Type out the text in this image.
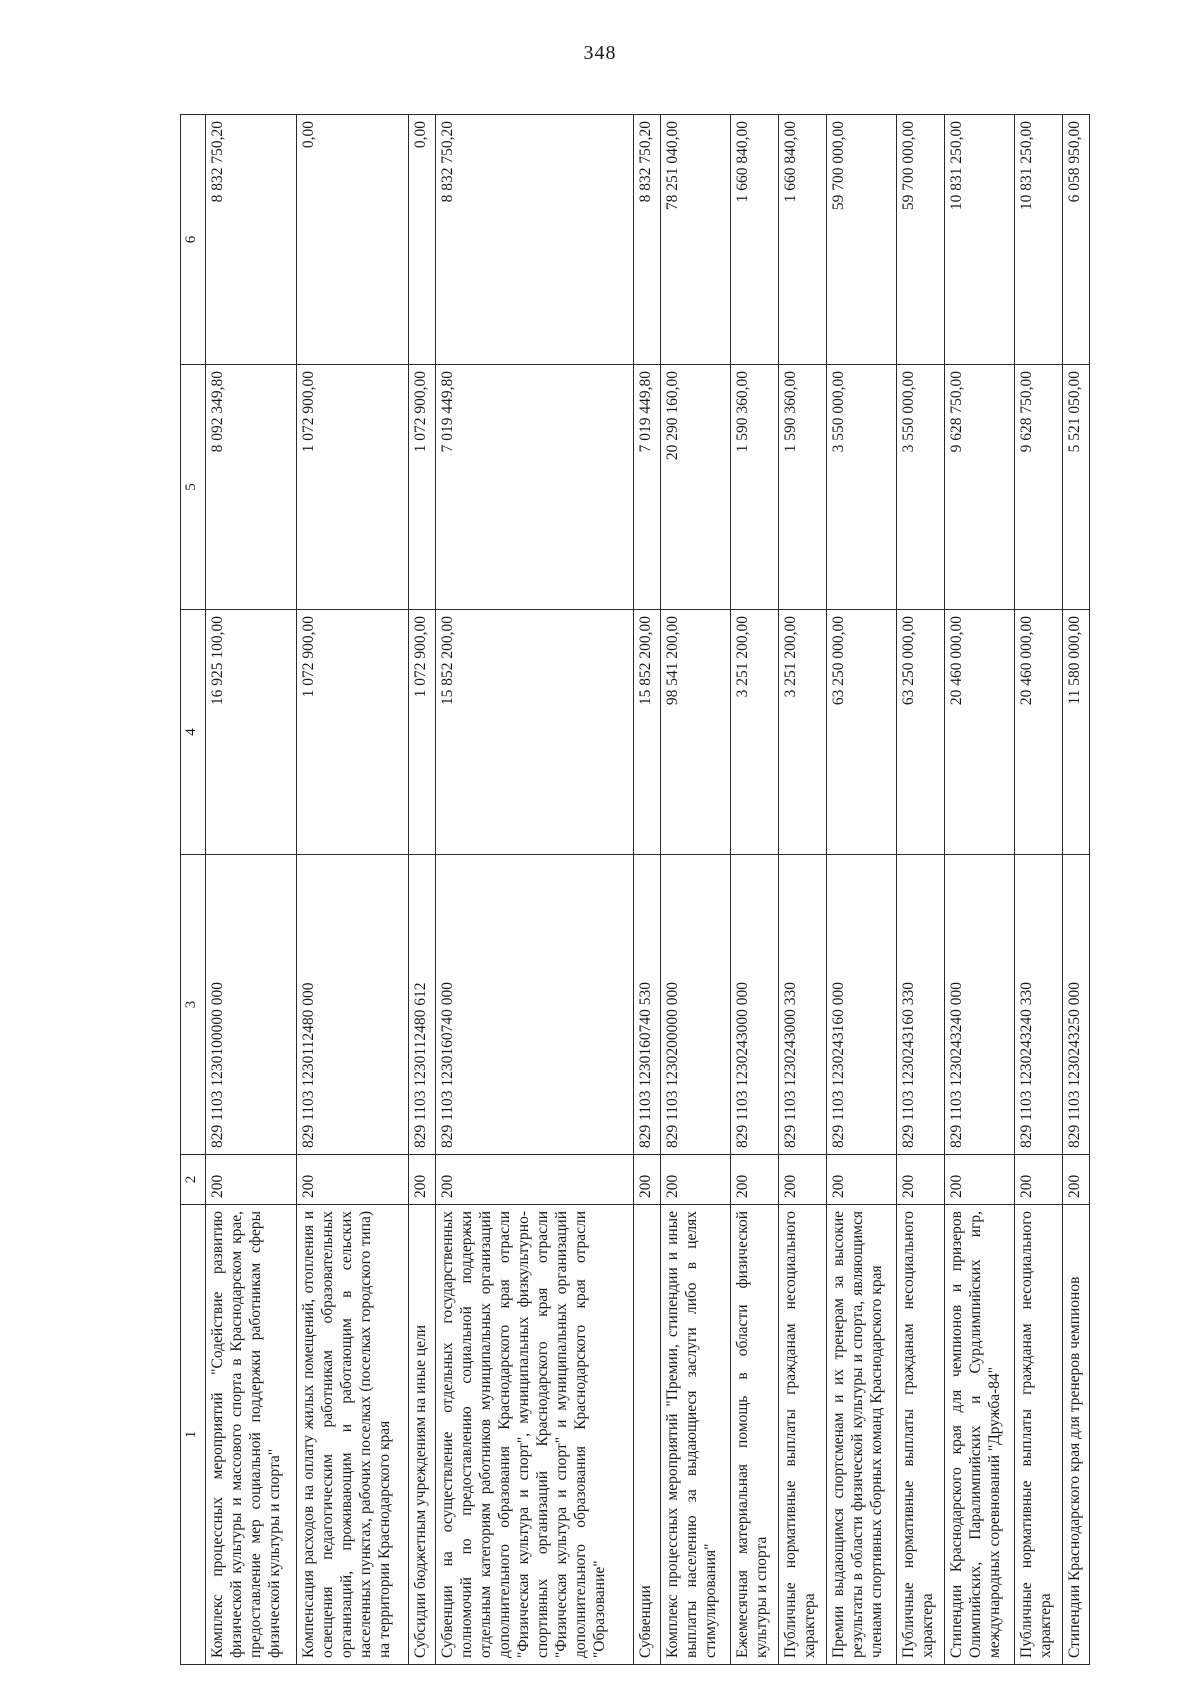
348
1	2	3	4	5	6
Комплекс процессных мероприятий "Содействие развитию физической культуры и массового спорта в Краснодарском крае, предоставление мер социальной поддержки работникам сферы физической культуры и спорта"	200	829 1103 1230100000 000	16 925 100,00	8 092 349,80	8 832 750,20
Компенсация расходов на оплату жилых помещений, отопления и освещения педагогическим работникам образовательных организаций, проживающим и работающим в сельских населенных пунктах, рабочих поселках (поселках городского типа) на территории Краснодарского края	200	829 1103 1230112480 000	1 072 900,00	1 072 900,00	0,00
Субсидии бюджетным учреждениям на иные цели	200	829 1103 1230112480 612	1 072 900,00	1 072 900,00	0,00
Субвенции на осуществление отдельных государственных полномочий по предоставлению социальной поддержки отдельным категориям работников муниципальных организаций дополнительного образования Краснодарского края отрасли "Физическая культура и спорт", муниципальных физкультурно-спортивных организаций Краснодарского края отрасли "Физическая культура и спорт" и муниципальных организаций дополнительного образования Краснодарского края отрасли "Образование"	200	829 1103 1230160740 000	15 852 200,00	7 019 449,80	8 832 750,20
Субвенции	200	829 1103 1230160740 530	15 852 200,00	7 019 449,80	8 832 750,20
Комплекс процессных мероприятий "Премии, стипендии и иные выплаты населению за выдающиеся заслуги либо в целях стимулирования"	200	829 1103 1230200000 000	98 541 200,00	20 290 160,00	78 251 040,00
Ежемесячная материальная помощь в области физической культуры и спорта	200	829 1103 1230243000 000	3 251 200,00	1 590 360,00	1 660 840,00
Публичные нормативные выплаты гражданам несоциального характера	200	829 1103 1230243000 330	3 251 200,00	1 590 360,00	1 660 840,00
Премии выдающимся спортсменам и их тренерам за высокие результаты в области физической культуры и спорта, являющимся членами спортивных сборных команд Краснодарского края	200	829 1103 1230243160 000	63 250 000,00	3 550 000,00	59 700 000,00
Публичные нормативные выплаты гражданам несоциального характера	200	829 1103 1230243160 330	63 250 000,00	3 550 000,00	59 700 000,00
Стипендии Краснодарского края для чемпионов и призеров Олимпийских, Паралимпийских и Сурдлимпийских игр, международных соревнований "Дружба-84"	200	829 1103 1230243240 000	20 460 000,00	9 628 750,00	10 831 250,00
Публичные нормативные выплаты гражданам несоциального характера	200	829 1103 1230243240 330	20 460 000,00	9 628 750,00	10 831 250,00
Стипендии Краснодарского края для тренеров чемпионов	200	829 1103 1230243250 000	11 580 000,00	5 521 050,00	6 058 950,00
